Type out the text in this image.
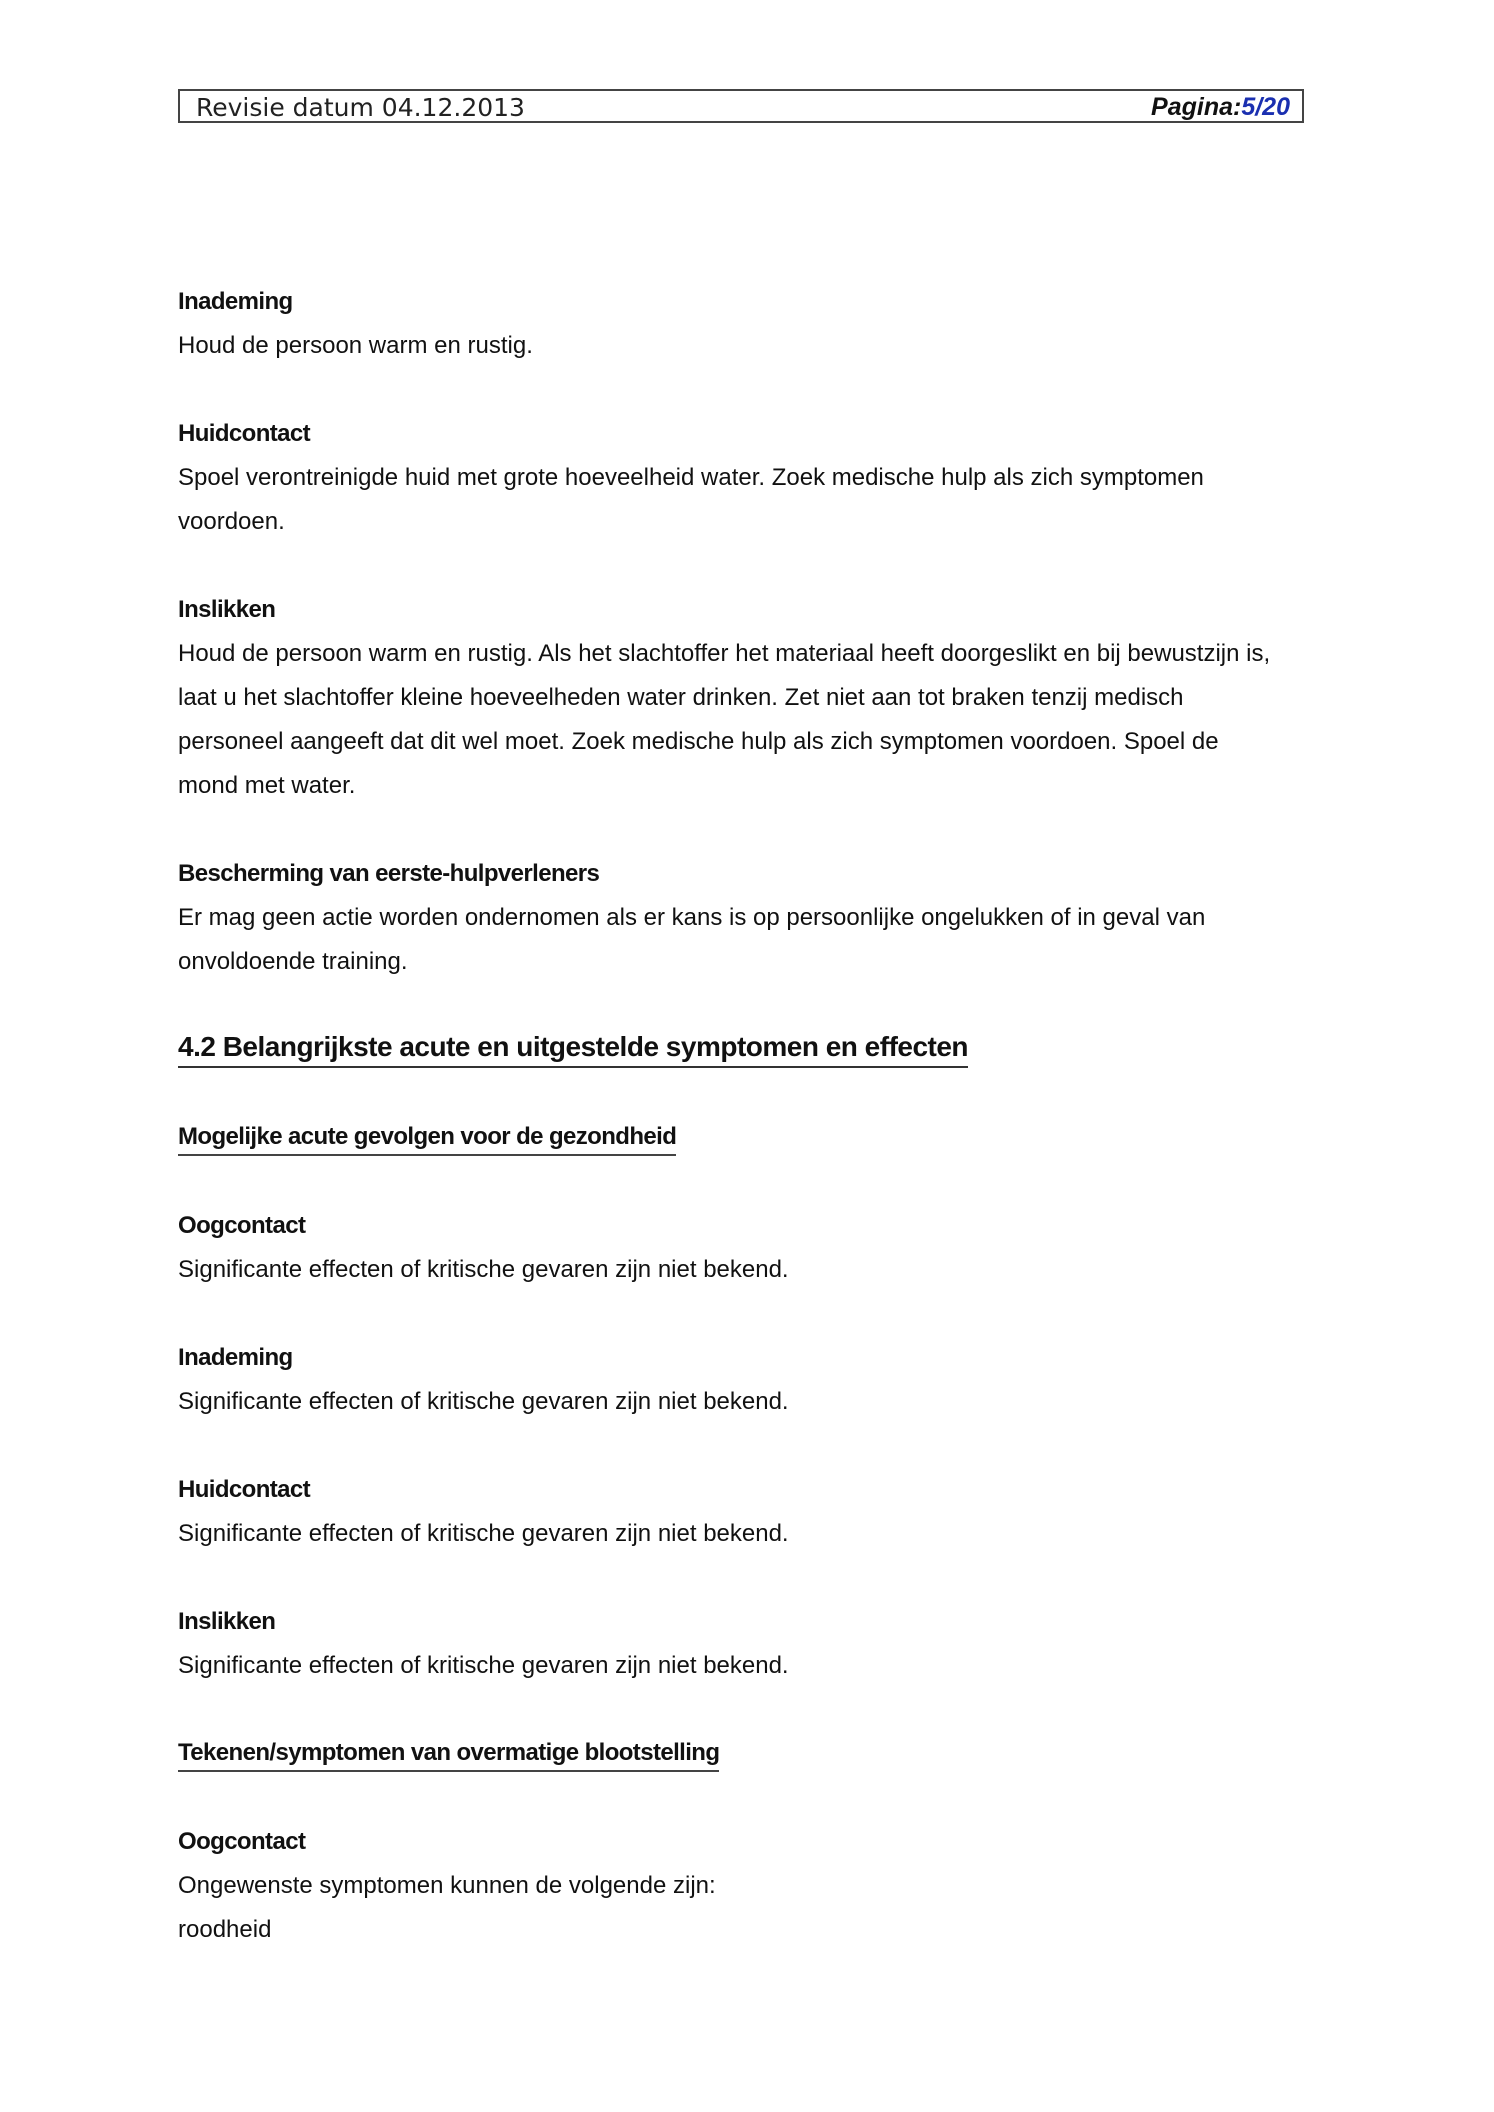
Revisie datum 04.12.2013	Pagina:5/20

Inademing

Houd de persoon warm en rustig.

Huidcontact

Spoel verontreinigde huid met grote hoeveelheid water. Zoek medische hulp als zich symptomen

voordoen.

Inslikken

Houd de persoon warm en rustig. Als het slachtoffer het materiaal heeft doorgeslikt en bij bewustzijn is,

laat u het slachtoffer kleine hoeveelheden water drinken. Zet niet aan tot braken tenzij medisch

personeel aangeeft dat dit wel moet. Zoek medische hulp als zich symptomen voordoen. Spoel de

mond met water.

Bescherming van eerste-hulpverleners

Er mag geen actie worden ondernomen als er kans is op persoonlijke ongelukken of in geval van

onvoldoende training.

4.2 Belangrijkste acute en uitgestelde symptomen en effecten
Mogelijke acute gevolgen voor de gezondheid

Oogcontact

Significante effecten of kritische gevaren zijn niet bekend.

Inademing

Significante effecten of kritische gevaren zijn niet bekend.

Huidcontact

Significante effecten of kritische gevaren zijn niet bekend.

Inslikken

Significante effecten of kritische gevaren zijn niet bekend.

Tekenen/symptomen van overmatige blootstelling

Oogcontact

Ongewenste symptomen kunnen de volgende zijn:

roodheid
